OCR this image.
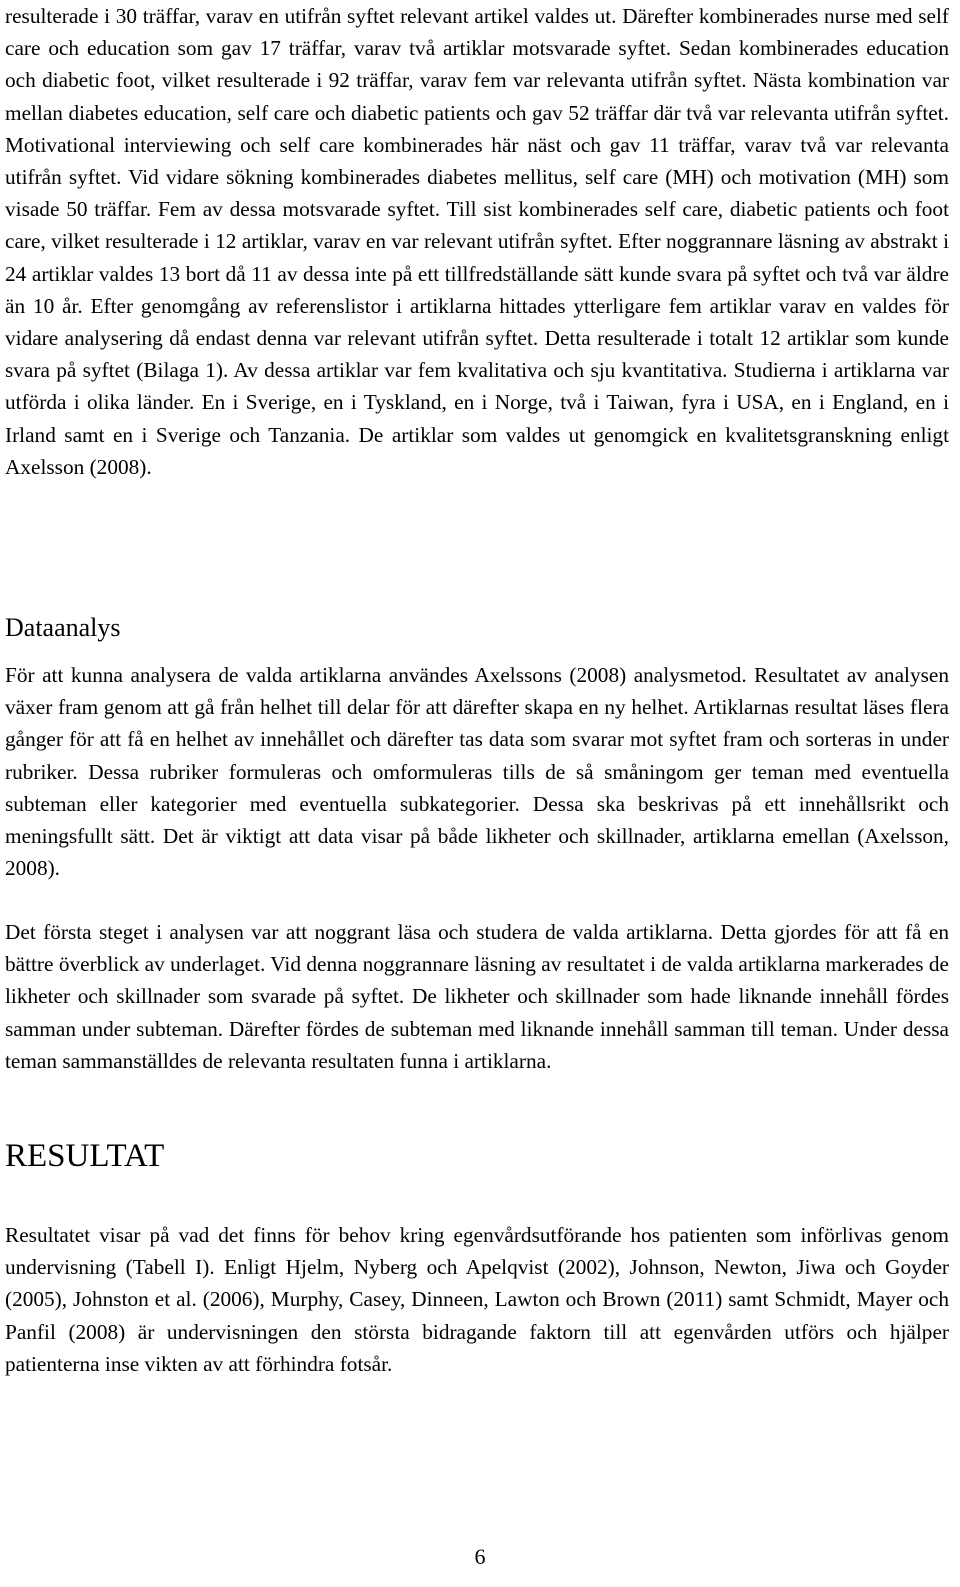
resulterade i 30 träffar, varav en utifrån syftet relevant artikel valdes ut. Därefter kombinerades nurse med self care och education som gav 17 träffar, varav två artiklar motsvarade syftet. Sedan kombinerades education och diabetic foot, vilket resulterade i 92 träffar, varav fem var relevanta utifrån syftet. Nästa kombination var mellan diabetes education, self care och diabetic patients och gav 52 träffar där två var relevanta utifrån syftet. Motivational interviewing och self care kombinerades här näst och gav 11 träffar, varav två var relevanta utifrån syftet. Vid vidare sökning kombinerades diabetes mellitus, self care (MH) och motivation (MH) som visade 50 träffar. Fem av dessa motsvarade syftet. Till sist kombinerades self care, diabetic patients och foot care, vilket resulterade i 12 artiklar, varav en var relevant utifrån syftet. Efter noggrannare läsning av abstrakt i 24 artiklar valdes 13 bort då 11 av dessa inte på ett tillfredställande sätt kunde svara på syftet och två var äldre än 10 år. Efter genomgång av referenslistor i artiklarna hittades ytterligare fem artiklar varav en valdes för vidare analysering då endast denna var relevant utifrån syftet. Detta resulterade i totalt 12 artiklar som kunde svara på syftet (Bilaga 1). Av dessa artiklar var fem kvalitativa och sju kvantitativa. Studierna i artiklarna var utförda i olika länder. En i Sverige, en i Tyskland, en i Norge, två i Taiwan, fyra i USA, en i England, en i Irland samt en i Sverige och Tanzania. De artiklar som valdes ut genomgick en kvalitetsgranskning enligt Axelsson (2008).

Dataanalys

För att kunna analysera de valda artiklarna användes Axelssons (2008) analysmetod. Resultatet av analysen växer fram genom att gå från helhet till delar för att därefter skapa en ny helhet. Artiklarnas resultat läses flera gånger för att få en helhet av innehållet och därefter tas data som svarar mot syftet fram och sorteras in under rubriker. Dessa rubriker formuleras och omformuleras tills de så småningom ger teman med eventuella subteman eller kategorier med eventuella subkategorier. Dessa ska beskrivas på ett innehållsrikt och meningsfullt sätt. Det är viktigt att data visar på både likheter och skillnader, artiklarna emellan (Axelsson, 2008).

Det första steget i analysen var att noggrant läsa och studera de valda artiklarna. Detta gjordes för att få en bättre överblick av underlaget. Vid denna noggrannare läsning av resultatet i de valda artiklarna markerades de likheter och skillnader som svarade på syftet. De likheter och skillnader som hade liknande innehåll fördes samman under subteman. Därefter fördes de subteman med liknande innehåll samman till teman. Under dessa teman sammanställdes de relevanta resultaten funna i artiklarna.

RESULTAT

Resultatet visar på vad det finns för behov kring egenvårdsutförande hos patienten som införlivas genom undervisning (Tabell I). Enligt Hjelm, Nyberg och Apelqvist (2002), Johnson, Newton, Jiwa och Goyder (2005), Johnston et al. (2006), Murphy, Casey, Dinneen, Lawton och Brown (2011) samt Schmidt, Mayer och Panfil (2008) är undervisningen den största bidragande faktorn till att egenvården utförs och hjälper patienterna inse vikten av att förhindra fotsår.

6
